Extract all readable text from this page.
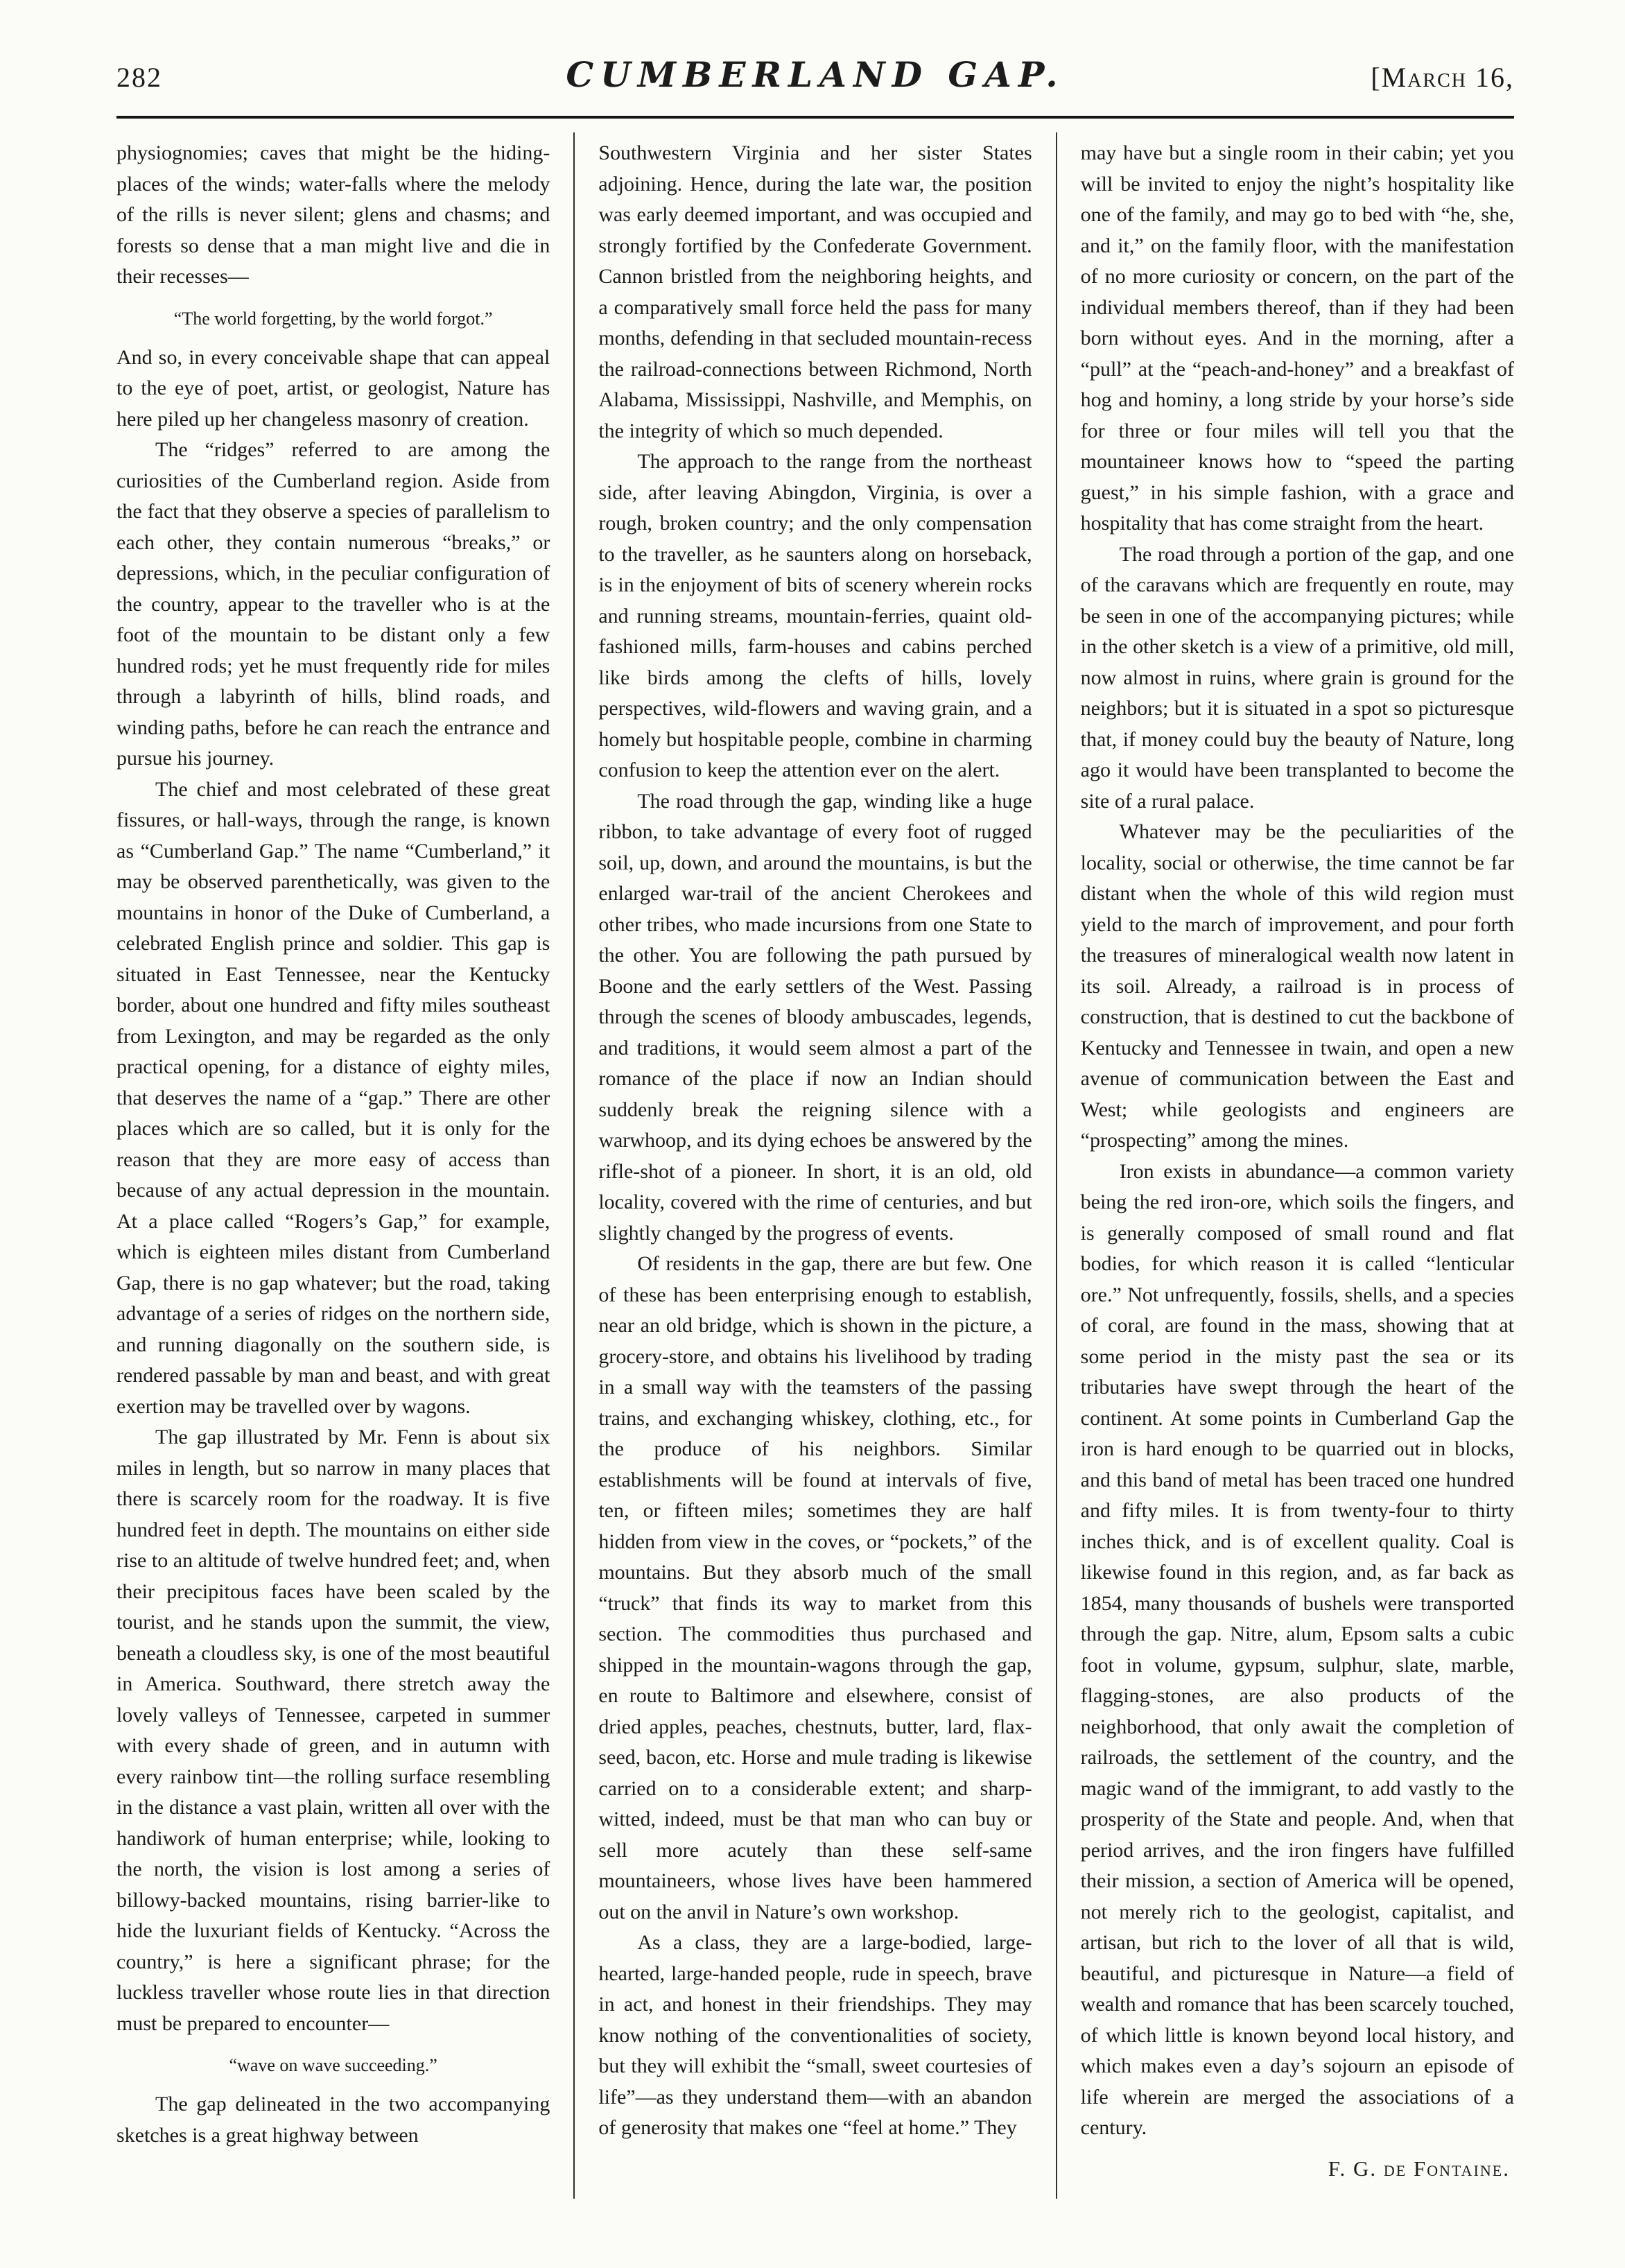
282	CUMBERLAND GAP.	[March 16,

physiognomies; caves that might be the hiding-places of the winds; water-falls where the melody of the rills is never silent; glens and chasms; and forests so dense that a man might live and die in their recesses—

“The world forgetting, by the world forgot.”

And so, in every conceivable shape that can appeal to the eye of poet, artist, or geologist, Nature has here piled up her changeless masonry of creation.

The “ridges” referred to are among the curiosities of the Cumberland region. Aside from the fact that they observe a species of parallelism to each other, they contain numerous “breaks,” or depressions, which, in the peculiar configuration of the country, appear to the traveller who is at the foot of the mountain to be distant only a few hundred rods; yet he must frequently ride for miles through a labyrinth of hills, blind roads, and winding paths, before he can reach the entrance and pursue his journey.

The chief and most celebrated of these great fissures, or hall-ways, through the range, is known as “Cumberland Gap.” The name “Cumberland,” it may be observed parenthetically, was given to the mountains in honor of the Duke of Cumberland, a celebrated English prince and soldier. This gap is situated in East Tennessee, near the Kentucky border, about one hundred and fifty miles southeast from Lexington, and may be regarded as the only practical opening, for a distance of eighty miles, that deserves the name of a “gap.” There are other places which are so called, but it is only for the reason that they are more easy of access than because of any actual depression in the mountain. At a place called “Rogers’s Gap,” for example, which is eighteen miles distant from Cumberland Gap, there is no gap whatever; but the road, taking advantage of a series of ridges on the northern side, and running diagonally on the southern side, is rendered passable by man and beast, and with great exertion may be travelled over by wagons.

The gap illustrated by Mr. Fenn is about six miles in length, but so narrow in many places that there is scarcely room for the roadway. It is five hundred feet in depth. The mountains on either side rise to an altitude of twelve hundred feet; and, when their precipitous faces have been scaled by the tourist, and he stands upon the summit, the view, beneath a cloudless sky, is one of the most beautiful in America. Southward, there stretch away the lovely valleys of Tennessee, carpeted in summer with every shade of green, and in autumn with every rainbow tint—the rolling surface resembling in the distance a vast plain, written all over with the handiwork of human enterprise; while, looking to the north, the vision is lost among a series of billowy-backed mountains, rising barrier-like to hide the luxuriant fields of Kentucky. “Across the country,” is here a significant phrase; for the luckless traveller whose route lies in that direction must be prepared to encounter—

“wave on wave succeeding.”

The gap delineated in the two accompanying sketches is a great highway between

Southwestern Virginia and her sister States adjoining. Hence, during the late war, the position was early deemed important, and was occupied and strongly fortified by the Confederate Government. Cannon bristled from the neighboring heights, and a comparatively small force held the pass for many months, defending in that secluded mountain-recess the railroad-connections between Richmond, North Alabama, Mississippi, Nashville, and Memphis, on the integrity of which so much depended.

The approach to the range from the northeast side, after leaving Abingdon, Virginia, is over a rough, broken country; and the only compensation to the traveller, as he saunters along on horseback, is in the enjoyment of bits of scenery wherein rocks and running streams, mountain-ferries, quaint old-fashioned mills, farm-houses and cabins perched like birds among the clefts of hills, lovely perspectives, wild-flowers and waving grain, and a homely but hospitable people, combine in charming confusion to keep the attention ever on the alert.

The road through the gap, winding like a huge ribbon, to take advantage of every foot of rugged soil, up, down, and around the mountains, is but the enlarged war-trail of the ancient Cherokees and other tribes, who made incursions from one State to the other. You are following the path pursued by Boone and the early settlers of the West. Passing through the scenes of bloody ambuscades, legends, and traditions, it would seem almost a part of the romance of the place if now an Indian should suddenly break the reigning silence with a warwhoop, and its dying echoes be answered by the rifle-shot of a pioneer. In short, it is an old, old locality, covered with the rime of centuries, and but slightly changed by the progress of events.

Of residents in the gap, there are but few. One of these has been enterprising enough to establish, near an old bridge, which is shown in the picture, a grocery-store, and obtains his livelihood by trading in a small way with the teamsters of the passing trains, and exchanging whiskey, clothing, etc., for the produce of his neighbors. Similar establishments will be found at intervals of five, ten, or fifteen miles; sometimes they are half hidden from view in the coves, or “pockets,” of the mountains. But they absorb much of the small “truck” that finds its way to market from this section. The commodities thus purchased and shipped in the mountain-wagons through the gap, en route to Baltimore and elsewhere, consist of dried apples, peaches, chestnuts, butter, lard, flax-seed, bacon, etc. Horse and mule trading is likewise carried on to a considerable extent; and sharp-witted, indeed, must be that man who can buy or sell more acutely than these self-same mountaineers, whose lives have been hammered out on the anvil in Nature’s own workshop.

As a class, they are a large-bodied, large-hearted, large-handed people, rude in speech, brave in act, and honest in their friendships. They may know nothing of the conventionalities of society, but they will exhibit the “small, sweet courtesies of life”—as they understand them—with an abandon of generosity that makes one “feel at home.” They

may have but a single room in their cabin; yet you will be invited to enjoy the night’s hospitality like one of the family, and may go to bed with “he, she, and it,” on the family floor, with the manifestation of no more curiosity or concern, on the part of the individual members thereof, than if they had been born without eyes. And in the morning, after a “pull” at the “peach-and-honey” and a breakfast of hog and hominy, a long stride by your horse’s side for three or four miles will tell you that the mountaineer knows how to “speed the parting guest,” in his simple fashion, with a grace and hospitality that has come straight from the heart.

The road through a portion of the gap, and one of the caravans which are frequently en route, may be seen in one of the accompanying pictures; while in the other sketch is a view of a primitive, old mill, now almost in ruins, where grain is ground for the neighbors; but it is situated in a spot so picturesque that, if money could buy the beauty of Nature, long ago it would have been transplanted to become the site of a rural palace.

Whatever may be the peculiarities of the locality, social or otherwise, the time cannot be far distant when the whole of this wild region must yield to the march of improvement, and pour forth the treasures of mineralogical wealth now latent in its soil. Already, a railroad is in process of construction, that is destined to cut the backbone of Kentucky and Tennessee in twain, and open a new avenue of communication between the East and West; while geologists and engineers are “prospecting” among the mines.

Iron exists in abundance—a common variety being the red iron-ore, which soils the fingers, and is generally composed of small round and flat bodies, for which reason it is called “lenticular ore.” Not unfrequently, fossils, shells, and a species of coral, are found in the mass, showing that at some period in the misty past the sea or its tributaries have swept through the heart of the continent. At some points in Cumberland Gap the iron is hard enough to be quarried out in blocks, and this band of metal has been traced one hundred and fifty miles. It is from twenty-four to thirty inches thick, and is of excellent quality. Coal is likewise found in this region, and, as far back as 1854, many thousands of bushels were transported through the gap. Nitre, alum, Epsom salts a cubic foot in volume, gypsum, sulphur, slate, marble, flagging-stones, are also products of the neighborhood, that only await the completion of railroads, the settlement of the country, and the magic wand of the immigrant, to add vastly to the prosperity of the State and people. And, when that period arrives, and the iron fingers have fulfilled their mission, a section of America will be opened, not merely rich to the geologist, capitalist, and artisan, but rich to the lover of all that is wild, beautiful, and picturesque in Nature—a field of wealth and romance that has been scarcely touched, of which little is known beyond local history, and which makes even a day’s sojourn an episode of life wherein are merged the associations of a century.

F. G. de Fontaine.
